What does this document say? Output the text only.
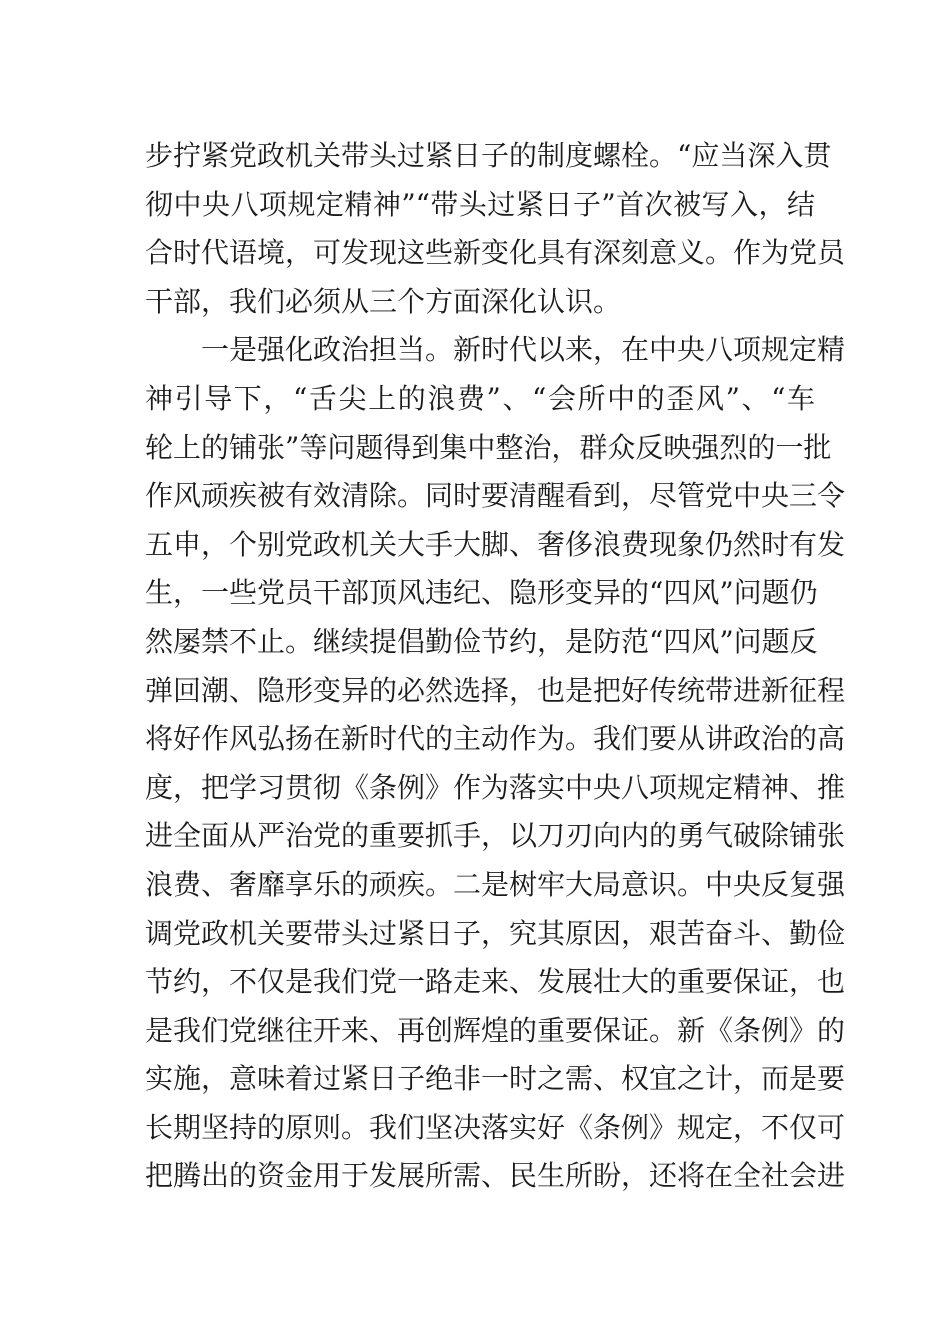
步拧紧党政机关带头过紧日子的制度螺栓。“应当深入贯
彻中央八项规定精神”“带头过紧日子”首次被写入，结
合时代语境，可发现这些新变化具有深刻意义。作为党员
干部，我们必须从三个方面深化认识。
一是强化政治担当。新时代以来，在中央八项规定精
神引导下，“舌尖上的浪费”、“会所中的歪风”、“车
轮上的铺张”等问题得到集中整治，群众反映强烈的一批
作风顽疾被有效清除。同时要清醒看到，尽管党中央三令
五申，个别党政机关大手大脚、奢侈浪费现象仍然时有发
生，一些党员干部顶风违纪、隐形变异的“四风”问题仍
然屡禁不止。继续提倡勤俭节约，是防范“四风”问题反
弹回潮、隐形变异的必然选择，也是把好传统带进新征程
将好作风弘扬在新时代的主动作为。我们要从讲政治的高
度，把学习贯彻《条例》作为落实中央八项规定精神、推
进全面从严治党的重要抓手，以刀刃向内的勇气破除铺张
浪费、奢靡享乐的顽疾。二是树牢大局意识。中央反复强
调党政机关要带头过紧日子，究其原因，艰苦奋斗、勤俭
节约，不仅是我们党一路走来、发展壮大的重要保证，也
是我们党继往开来、再创辉煌的重要保证。新《条例》的
实施，意味着过紧日子绝非一时之需、权宜之计，而是要
长期坚持的原则。我们坚决落实好《条例》规定，不仅可
把腾出的资金用于发展所需、民生所盼，还将在全社会进
